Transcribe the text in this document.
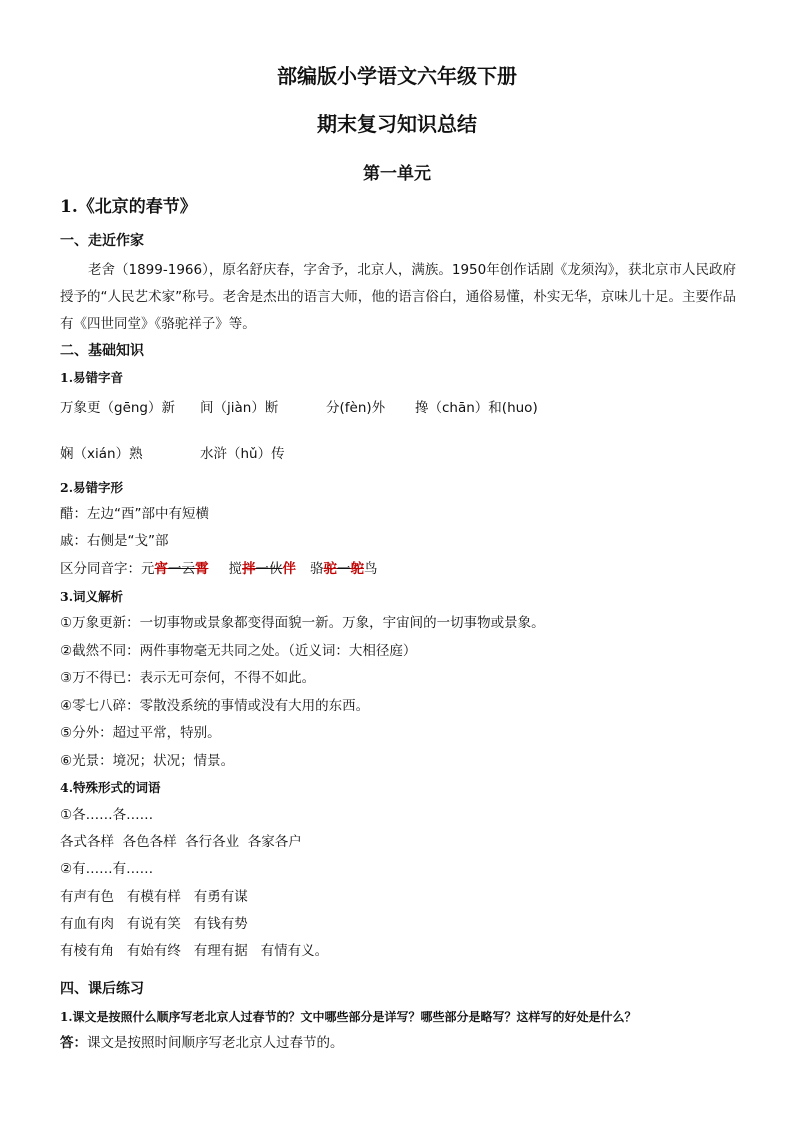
部编版小学语文六年级下册
期末复习知识总结
第一单元
1.《北京的春节》
一、走近作家
老舍（1899-1966），原名舒庆春，字舍予，北京人，满族。1950年创作话剧《龙须沟》，获北京市人民政府授予的“人民艺术家”称号。老舍是杰出的语言大师，他的语言俗白，通俗易懂，朴实无华，京味儿十足。主要作品有《四世同堂》《骆驼祥子》等。
二、基础知识
1.易错字音
万象更（gēng）新 间（jiàn）断	分(fèn)外 搀（chān）和(huo)
娴（xián）熟	水浒（hǔ）传
2.易错字形
醋：左边“酉”部中有短横
戚：右侧是“戈”部
区分同音字：元宵一云霄 搅拌一伙伴 骆驼一鸵鸟
3.词义解析
①万象更新：一切事物或景象都变得面貌一新。万象，宇宙间的一切事物或景象。
②截然不同：两件事物毫无共同之处。（近义词：大相径庭）
③万不得已：表示无可奈何，不得不如此。
④零七八碎：零散没系统的事情或没有大用的东西。
⑤分外：超过平常，特别。
⑥光景：境况；状况；情景。
4.特殊形式的词语
①各……各……
各式各样  各色各样  各行各业  各家各户
②有……有……
有声有色   有模有样   有勇有谋
有血有肉   有说有笑   有钱有势
有棱有角   有始有终   有理有据   有情有义。
四、课后练习
1.课文是按照什么顺序写老北京人过春节的？文中哪些部分是详写？哪些部分是略写？这样写的好处是什么？
答：课文是按照时间顺序写老北京人过春节的。
